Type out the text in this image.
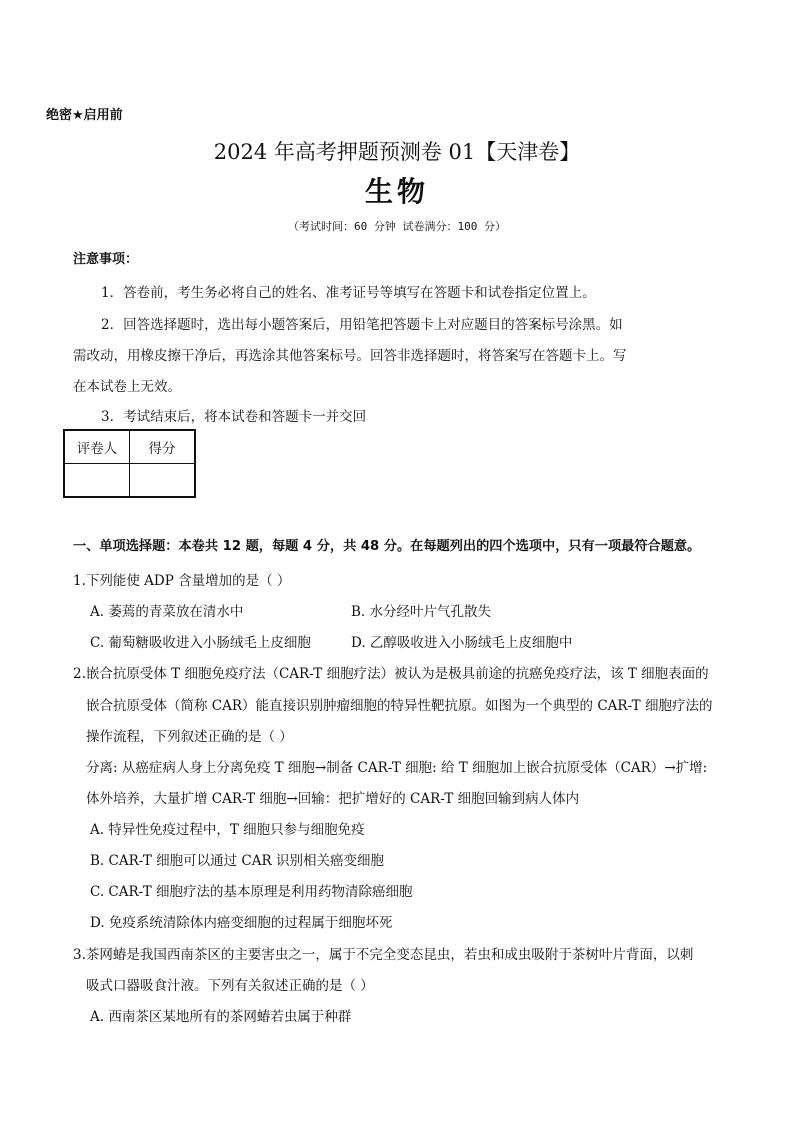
绝密★启用前
2024 年高考押题预测卷 01【天津卷】
生物
（考试时间：60 分钟 试卷满分：100 分）
注意事项：
1．答卷前，考生务必将自己的姓名、准考证号等填写在答题卡和试卷指定位置上。
2．回答选择题时，选出每小题答案后，用铅笔把答题卡上对应题目的答案标号涂黑。如
需改动，用橡皮擦干净后，再选涂其他答案标号。回答非选择题时，将答案写在答题卡上。写
在本试卷上无效。
3．考试结束后，将本试卷和答题卡一并交回
评卷人	得分

一、单项选择题：本卷共 12 题，每题 4 分，共 48 分。在每题列出的四个选项中，只有一项最符合题意。
1.下列能使 ADP 含量增加的是（ ）
A. 萎蔫的青菜放在清水中	B. 水分经叶片气孔散失
C. 葡萄糖吸收进入小肠绒毛上皮细胞	D. 乙醇吸收进入小肠绒毛上皮细胞中
2.嵌合抗原受体 T 细胞免疫疗法（CAR-T 细胞疗法）被认为是极具前途的抗癌免疫疗法，该 T 细胞表面的
嵌合抗原受体（简称 CAR）能直接识别肿瘤细胞的特异性靶抗原。如图为一个典型的 CAR-T 细胞疗法的
操作流程，下列叙述正确的是（ ）
分离: 从癌症病人身上分离免疫 T 细胞→制备 CAR-T 细胞: 给 T 细胞加上嵌合抗原受体（CAR）→扩增:
体外培养，大量扩增 CAR-T 细胞→回输：把扩增好的 CAR-T 细胞回输到病人体内
A. 特异性免疫过程中，T 细胞只参与细胞免疫
B. CAR-T 细胞可以通过 CAR 识别相关癌变细胞
C. CAR-T 细胞疗法的基本原理是利用药物清除癌细胞
D. 免疫系统清除体内癌变细胞的过程属于细胞坏死
3.茶网蝽是我国西南茶区的主要害虫之一，属于不完全变态昆虫，若虫和成虫吸附于茶树叶片背面，以刺
吸式口器吸食汁液。下列有关叙述正确的是（ ）
A. 西南茶区某地所有的茶网蝽若虫属于种群
